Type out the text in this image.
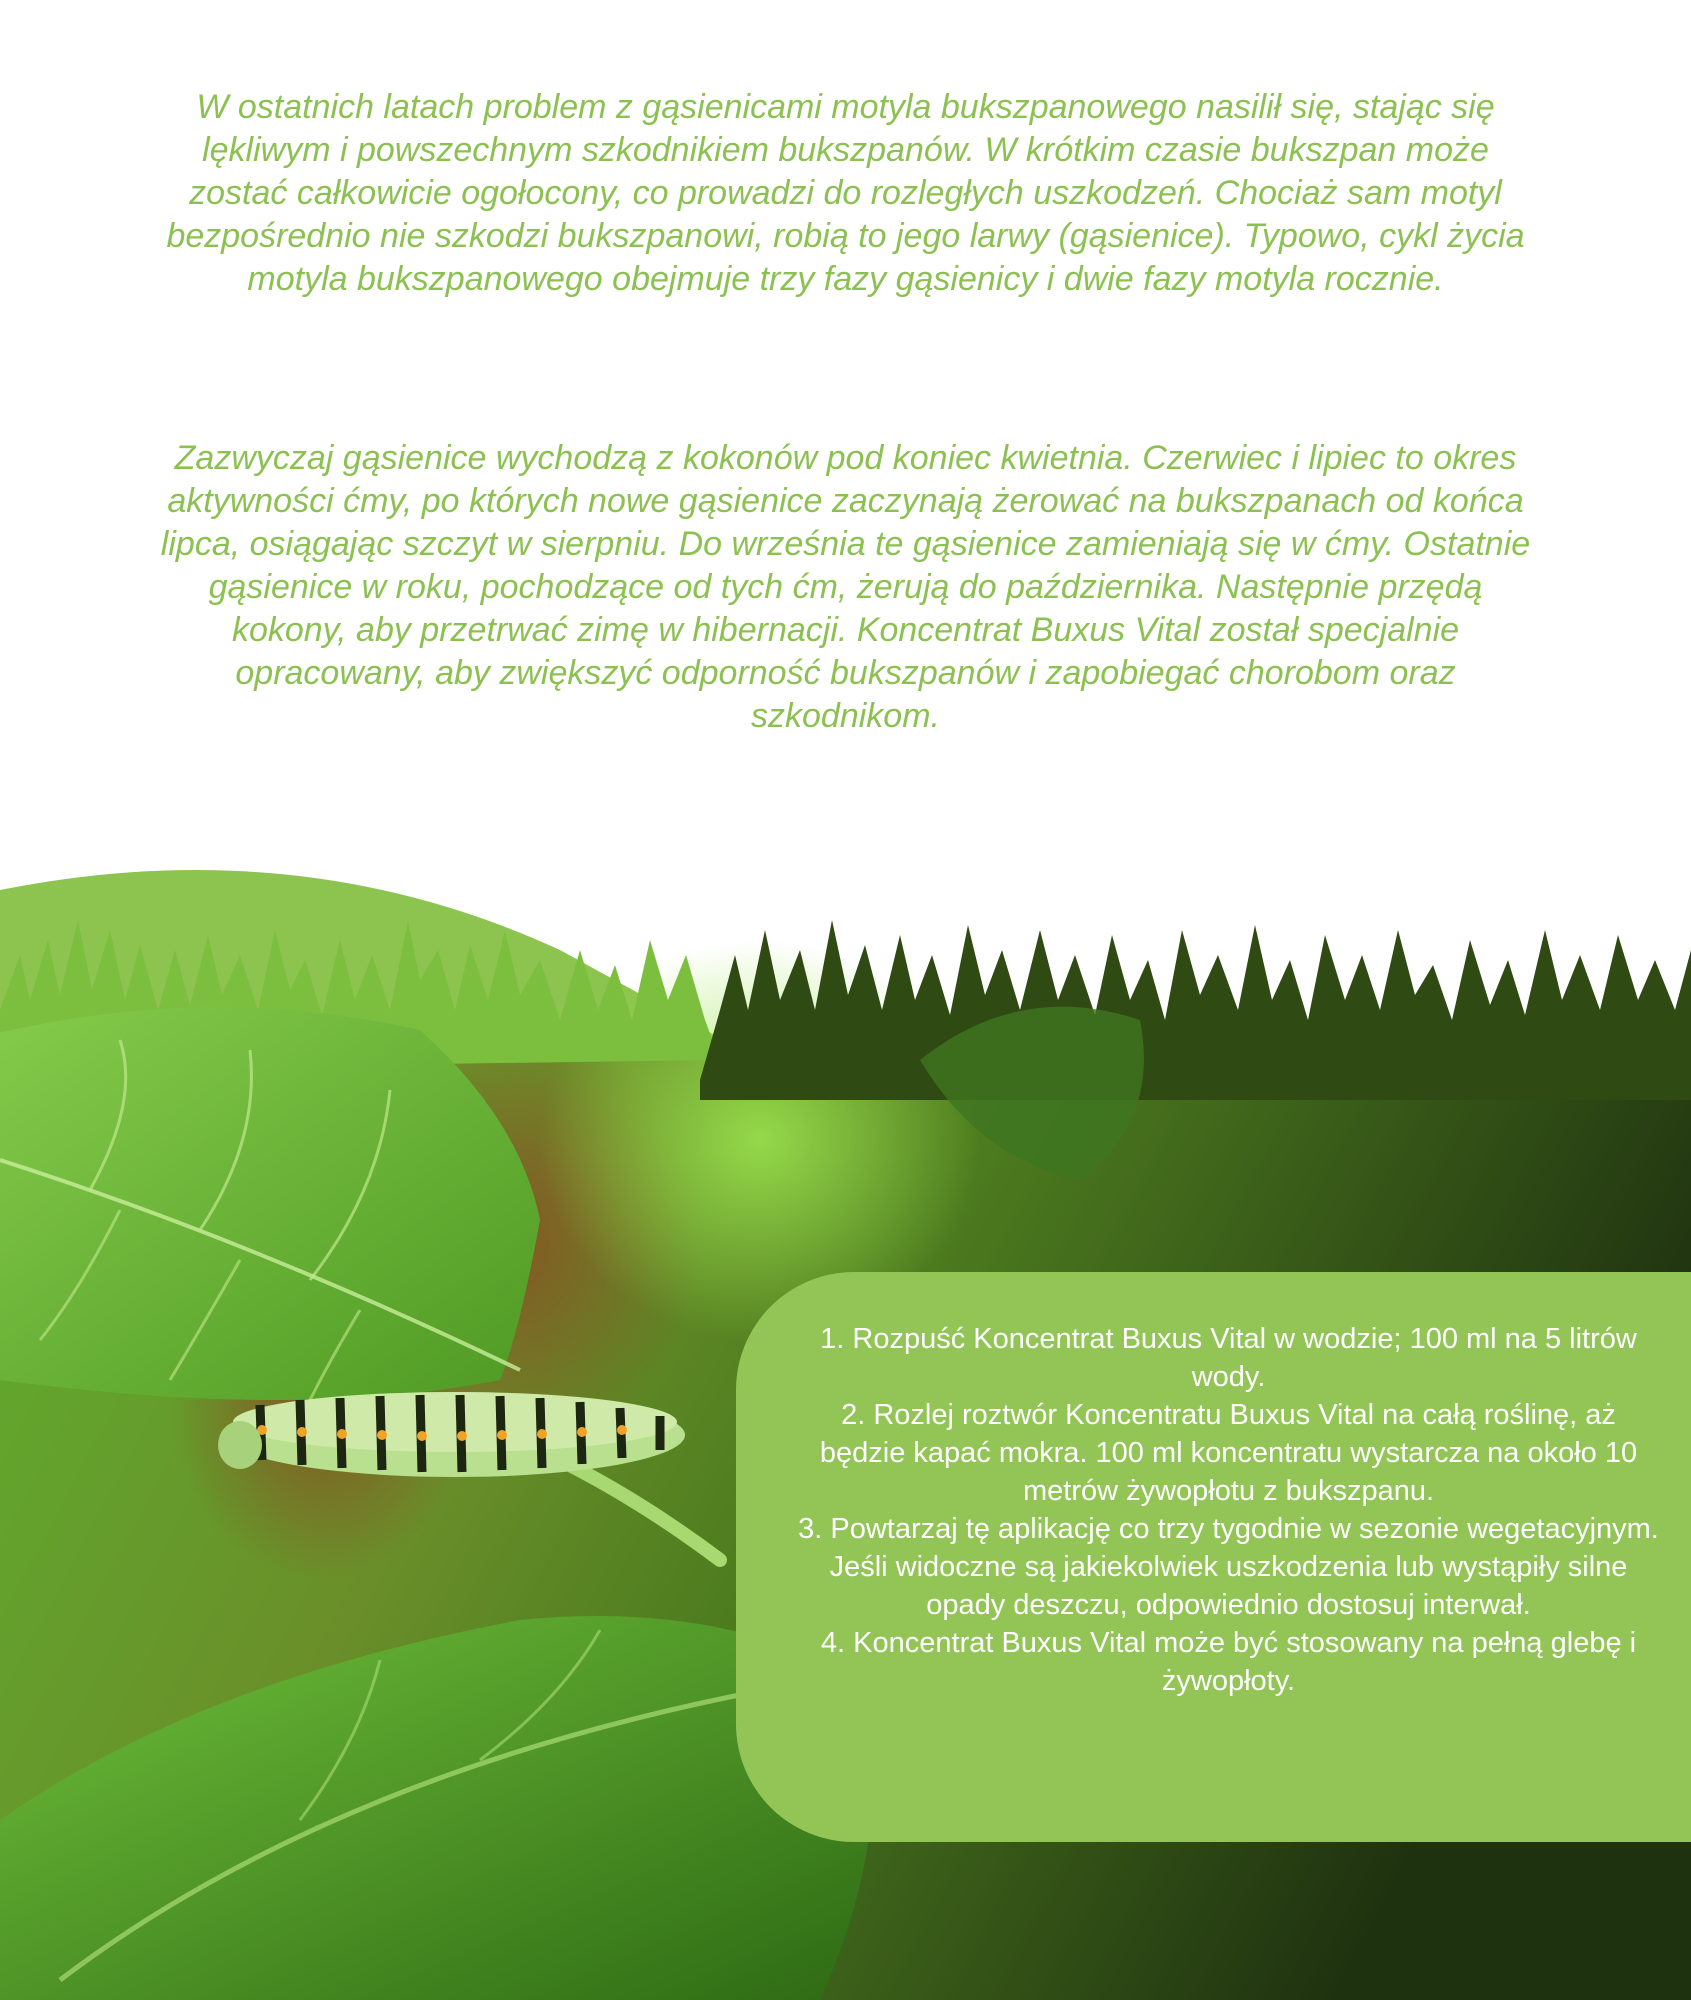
W ostatnich latach problem z gąsienicami motyla bukszpanowego nasilił się, stając się lękliwym i powszechnym szkodnikiem bukszpanów. W krótkim czasie bukszpan może zostać całkowicie ogołocony, co prowadzi do rozległych uszkodzeń. Chociaż sam motyl bezpośrednio nie szkodzi bukszpanowi, robią to jego larwy (gąsienice). Typowo, cykl życia motyla bukszpanowego obejmuje trzy fazy gąsienicy i dwie fazy motyla rocznie.

Zazwyczaj gąsienice wychodzą z kokonów pod koniec kwietnia. Czerwiec i lipiec to okres aktywności ćmy, po których nowe gąsienice zaczynają żerować na bukszpanach od końca lipca, osiągając szczyt w sierpniu. Do września te gąsienice zamieniają się w ćmy. Ostatnie gąsienice w roku, pochodzące od tych ćm, żerują do października. Następnie przędą kokony, aby przetrwać zimę w hibernacji. Koncentrat Buxus Vital został specjalnie opracowany, aby zwiększyć odporność bukszpanów i zapobiegać chorobom oraz szkodnikom.

1. Rozpuść Koncentrat Buxus Vital w wodzie; 100 ml na 5 litrów wody.
2. Rozlej roztwór Koncentratu Buxus Vital na całą roślinę, aż będzie kapać mokra. 100 ml koncentratu wystarcza na około 10 metrów żywopłotu z bukszpanu.
3. Powtarzaj tę aplikację co trzy tygodnie w sezonie wegetacyjnym. Jeśli widoczne są jakiekolwiek uszkodzenia lub wystąpiły silne opady deszczu, odpowiednio dostosuj interwał.
4. Koncentrat Buxus Vital może być stosowany na pełną glebę i żywopłoty.
